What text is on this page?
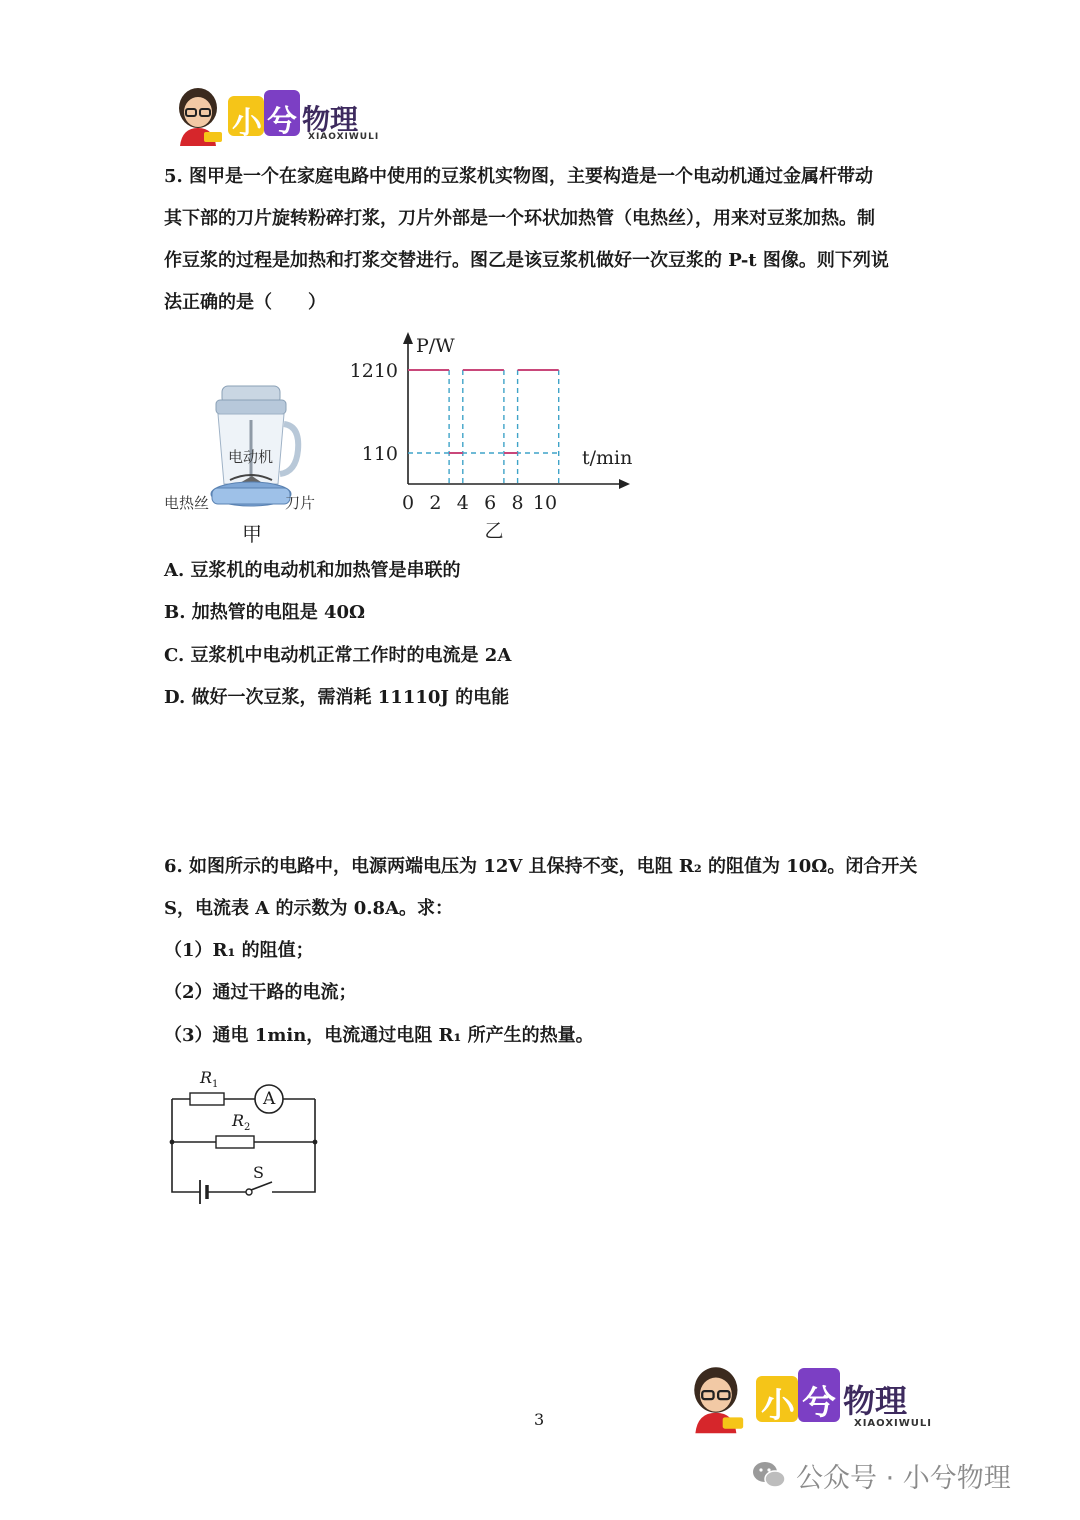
小 兮 物理
XIAOXIWULI
5. 图甲是一个在家庭电路中使用的豆浆机实物图，主要构造是一个电动机通过金属杆带动
其下部的刀片旋转粉碎打浆，刀片外部是一个环状加热管（电热丝），用来对豆浆加热。制
作豆浆的过程是加热和打浆交替进行。图乙是该豆浆机做好一次豆浆的 P-t 图像。则下列说
法正确的是（　　）
电动机
电热丝	刀片
甲
1210
110
0 2 4 6 8 10
P/W
t/min
乙
A. 豆浆机的电动机和加热管是串联的
B. 加热管的电阻是 40Ω
C. 豆浆机中电动机正常工作时的电流是 2A
D. 做好一次豆浆，需消耗 11110J 的电能
6. 如图所示的电路中，电源两端电压为 12V 且保持不变，电阻 R₂ 的阻值为 10Ω。闭合开关
S，电流表 A 的示数为 0.8A。求：
（1）R₁ 的阻值；
（2）通过干路的电流；
（3）通电 1min，电流通过电阻 R₁ 所产生的热量。
$R_1$
A
$R_2$
S
3	小 兮 物理
XIAOXIWULI
公众号 · 小兮物理
